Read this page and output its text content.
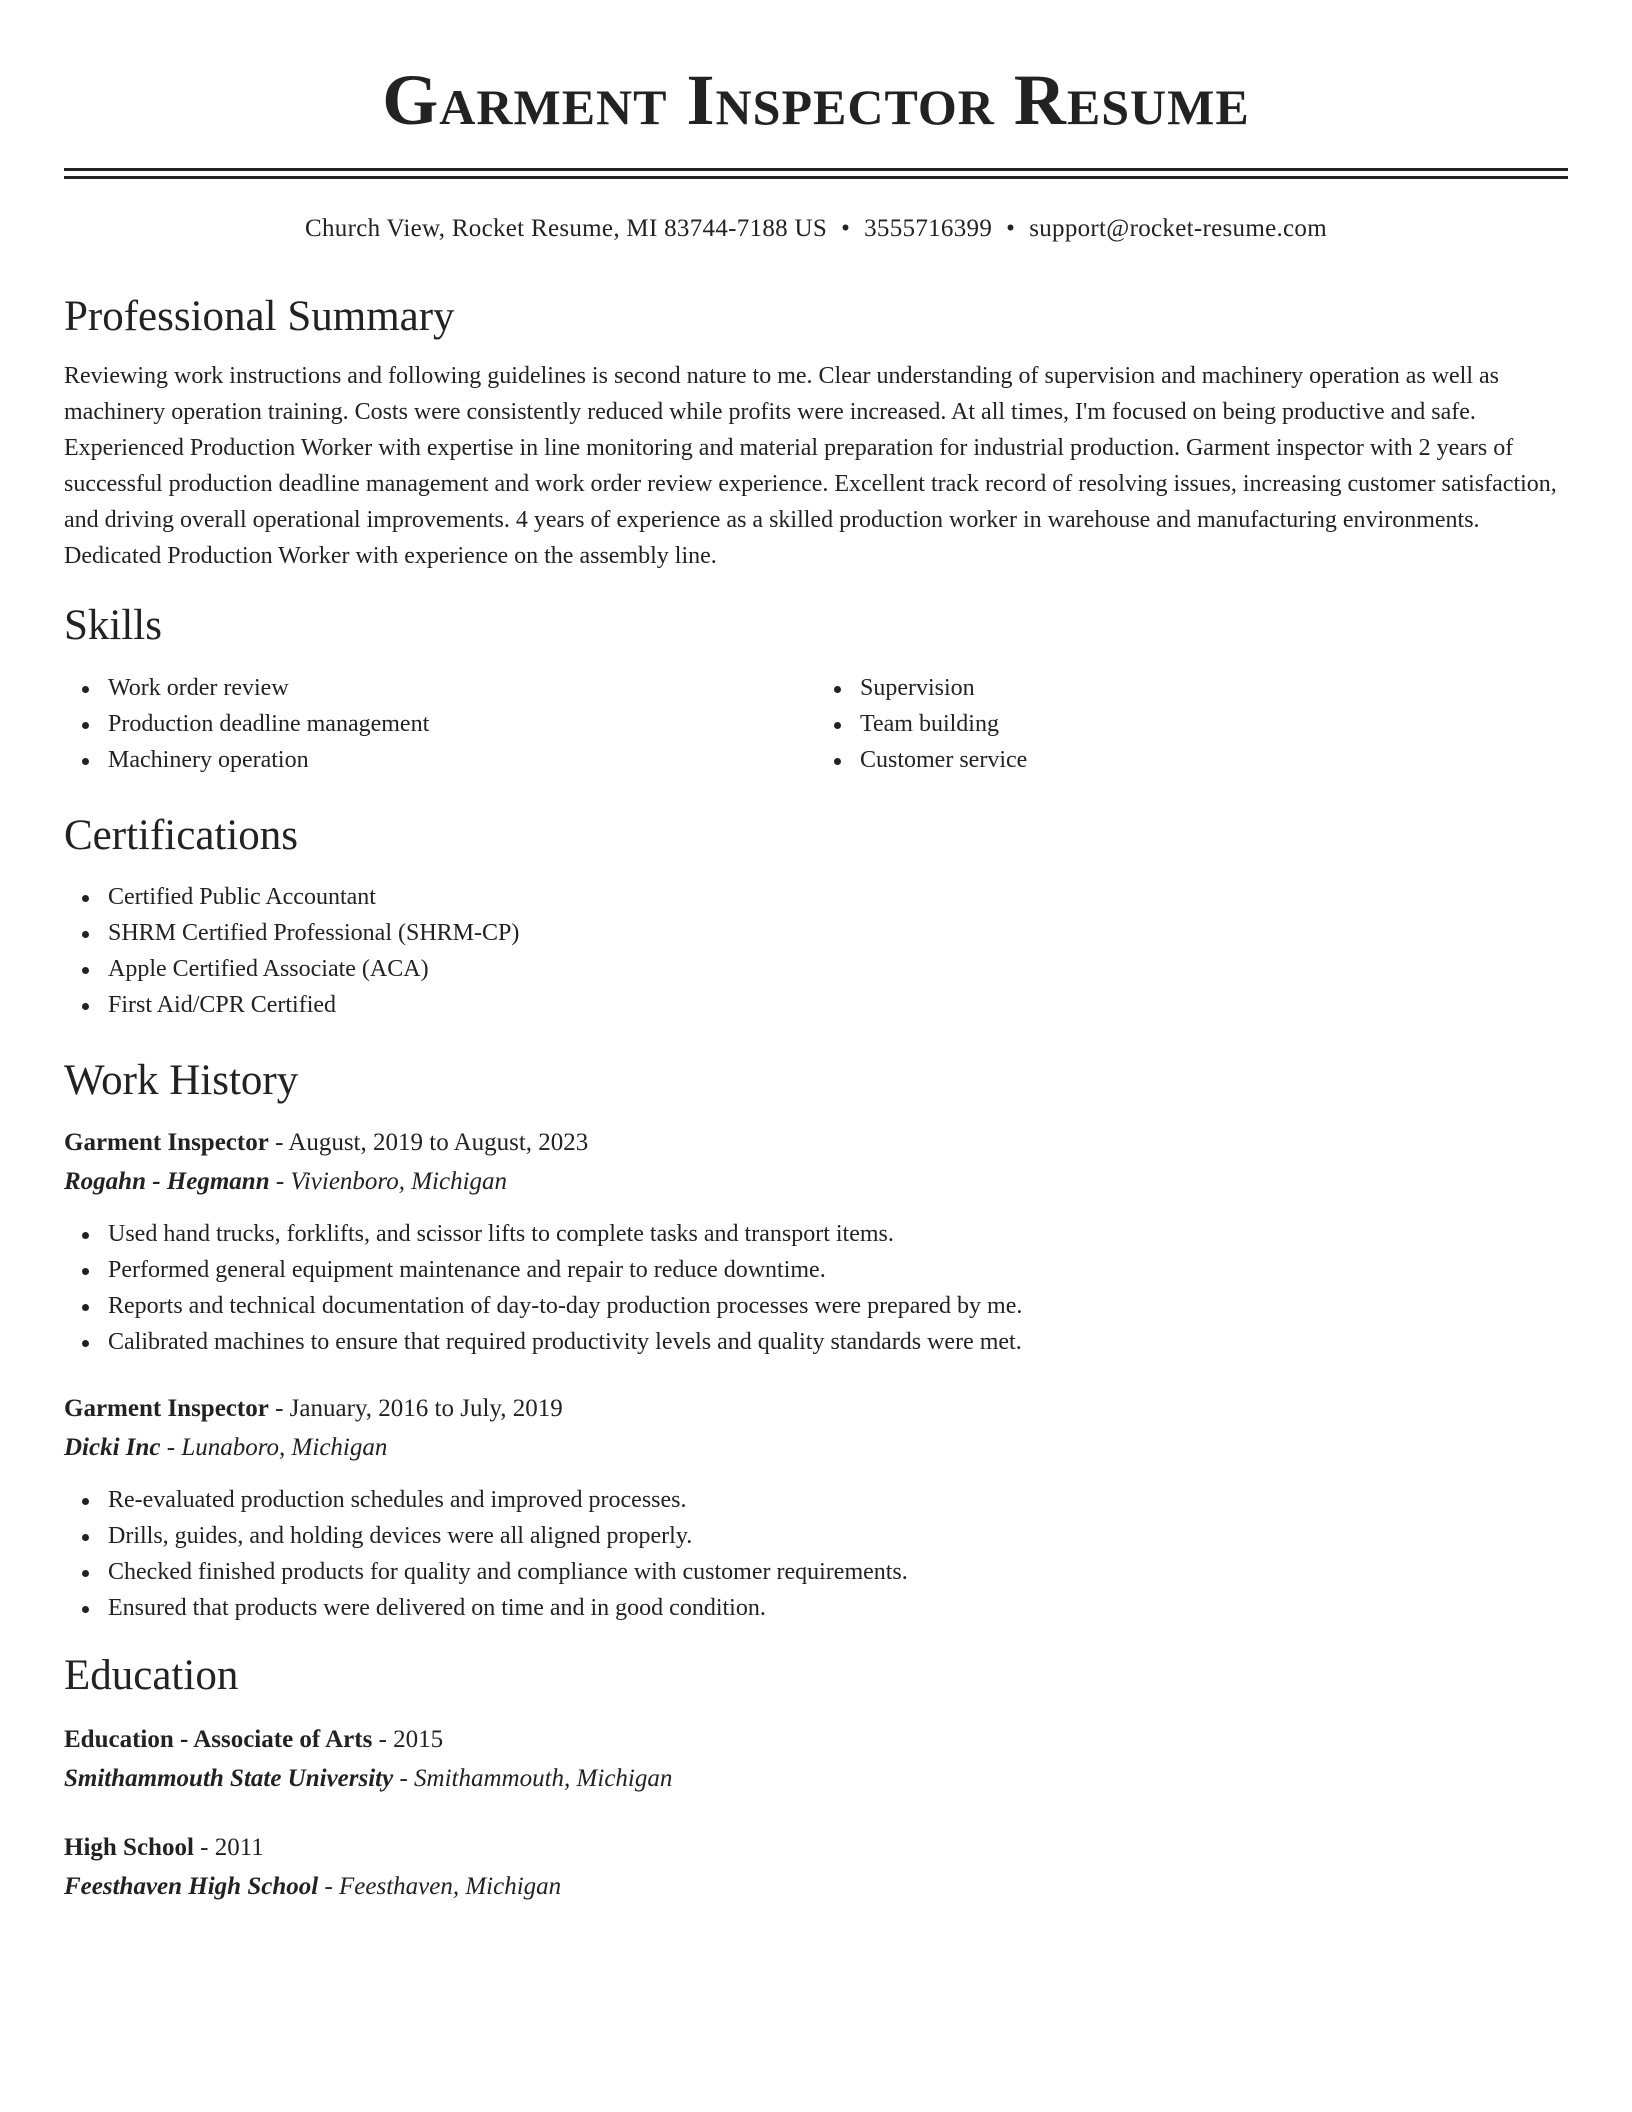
Garment Inspector Resume
Church View, Rocket Resume, MI 83744-7188 US • 3555716399 • support@rocket-resume.com
Professional Summary

Reviewing work instructions and following guidelines is second nature to me. Clear understanding of supervision and machinery operation as well as machinery operation training. Costs were consistently reduced while profits were increased. At all times, I'm focused on being productive and safe. Experienced Production Worker with expertise in line monitoring and material preparation for industrial production. Garment inspector with 2 years of successful production deadline management and work order review experience. Excellent track record of resolving issues, increasing customer satisfaction, and driving overall operational improvements. 4 years of experience as a skilled production worker in warehouse and manufacturing environments. Dedicated Production Worker with experience on the assembly line.

Skills
Work order review
Production deadline management
Machinery operation
Supervision
Team building
Customer service
Certifications
Certified Public Accountant
SHRM Certified Professional (SHRM-CP)
Apple Certified Associate (ACA)
First Aid/CPR Certified
Work History
Garment Inspector - August, 2019 to August, 2023
Rogahn - Hegmann - Vivienboro, Michigan
Used hand trucks, forklifts, and scissor lifts to complete tasks and transport items.
Performed general equipment maintenance and repair to reduce downtime.
Reports and technical documentation of day-to-day production processes were prepared by me.
Calibrated machines to ensure that required productivity levels and quality standards were met.
Garment Inspector - January, 2016 to July, 2019
Dicki Inc - Lunaboro, Michigan
Re-evaluated production schedules and improved processes.
Drills, guides, and holding devices were all aligned properly.
Checked finished products for quality and compliance with customer requirements.
Ensured that products were delivered on time and in good condition.
Education
Education - Associate of Arts - 2015
Smithammouth State University - Smithammouth, Michigan
High School - 2011
Feesthaven High School - Feesthaven, Michigan
